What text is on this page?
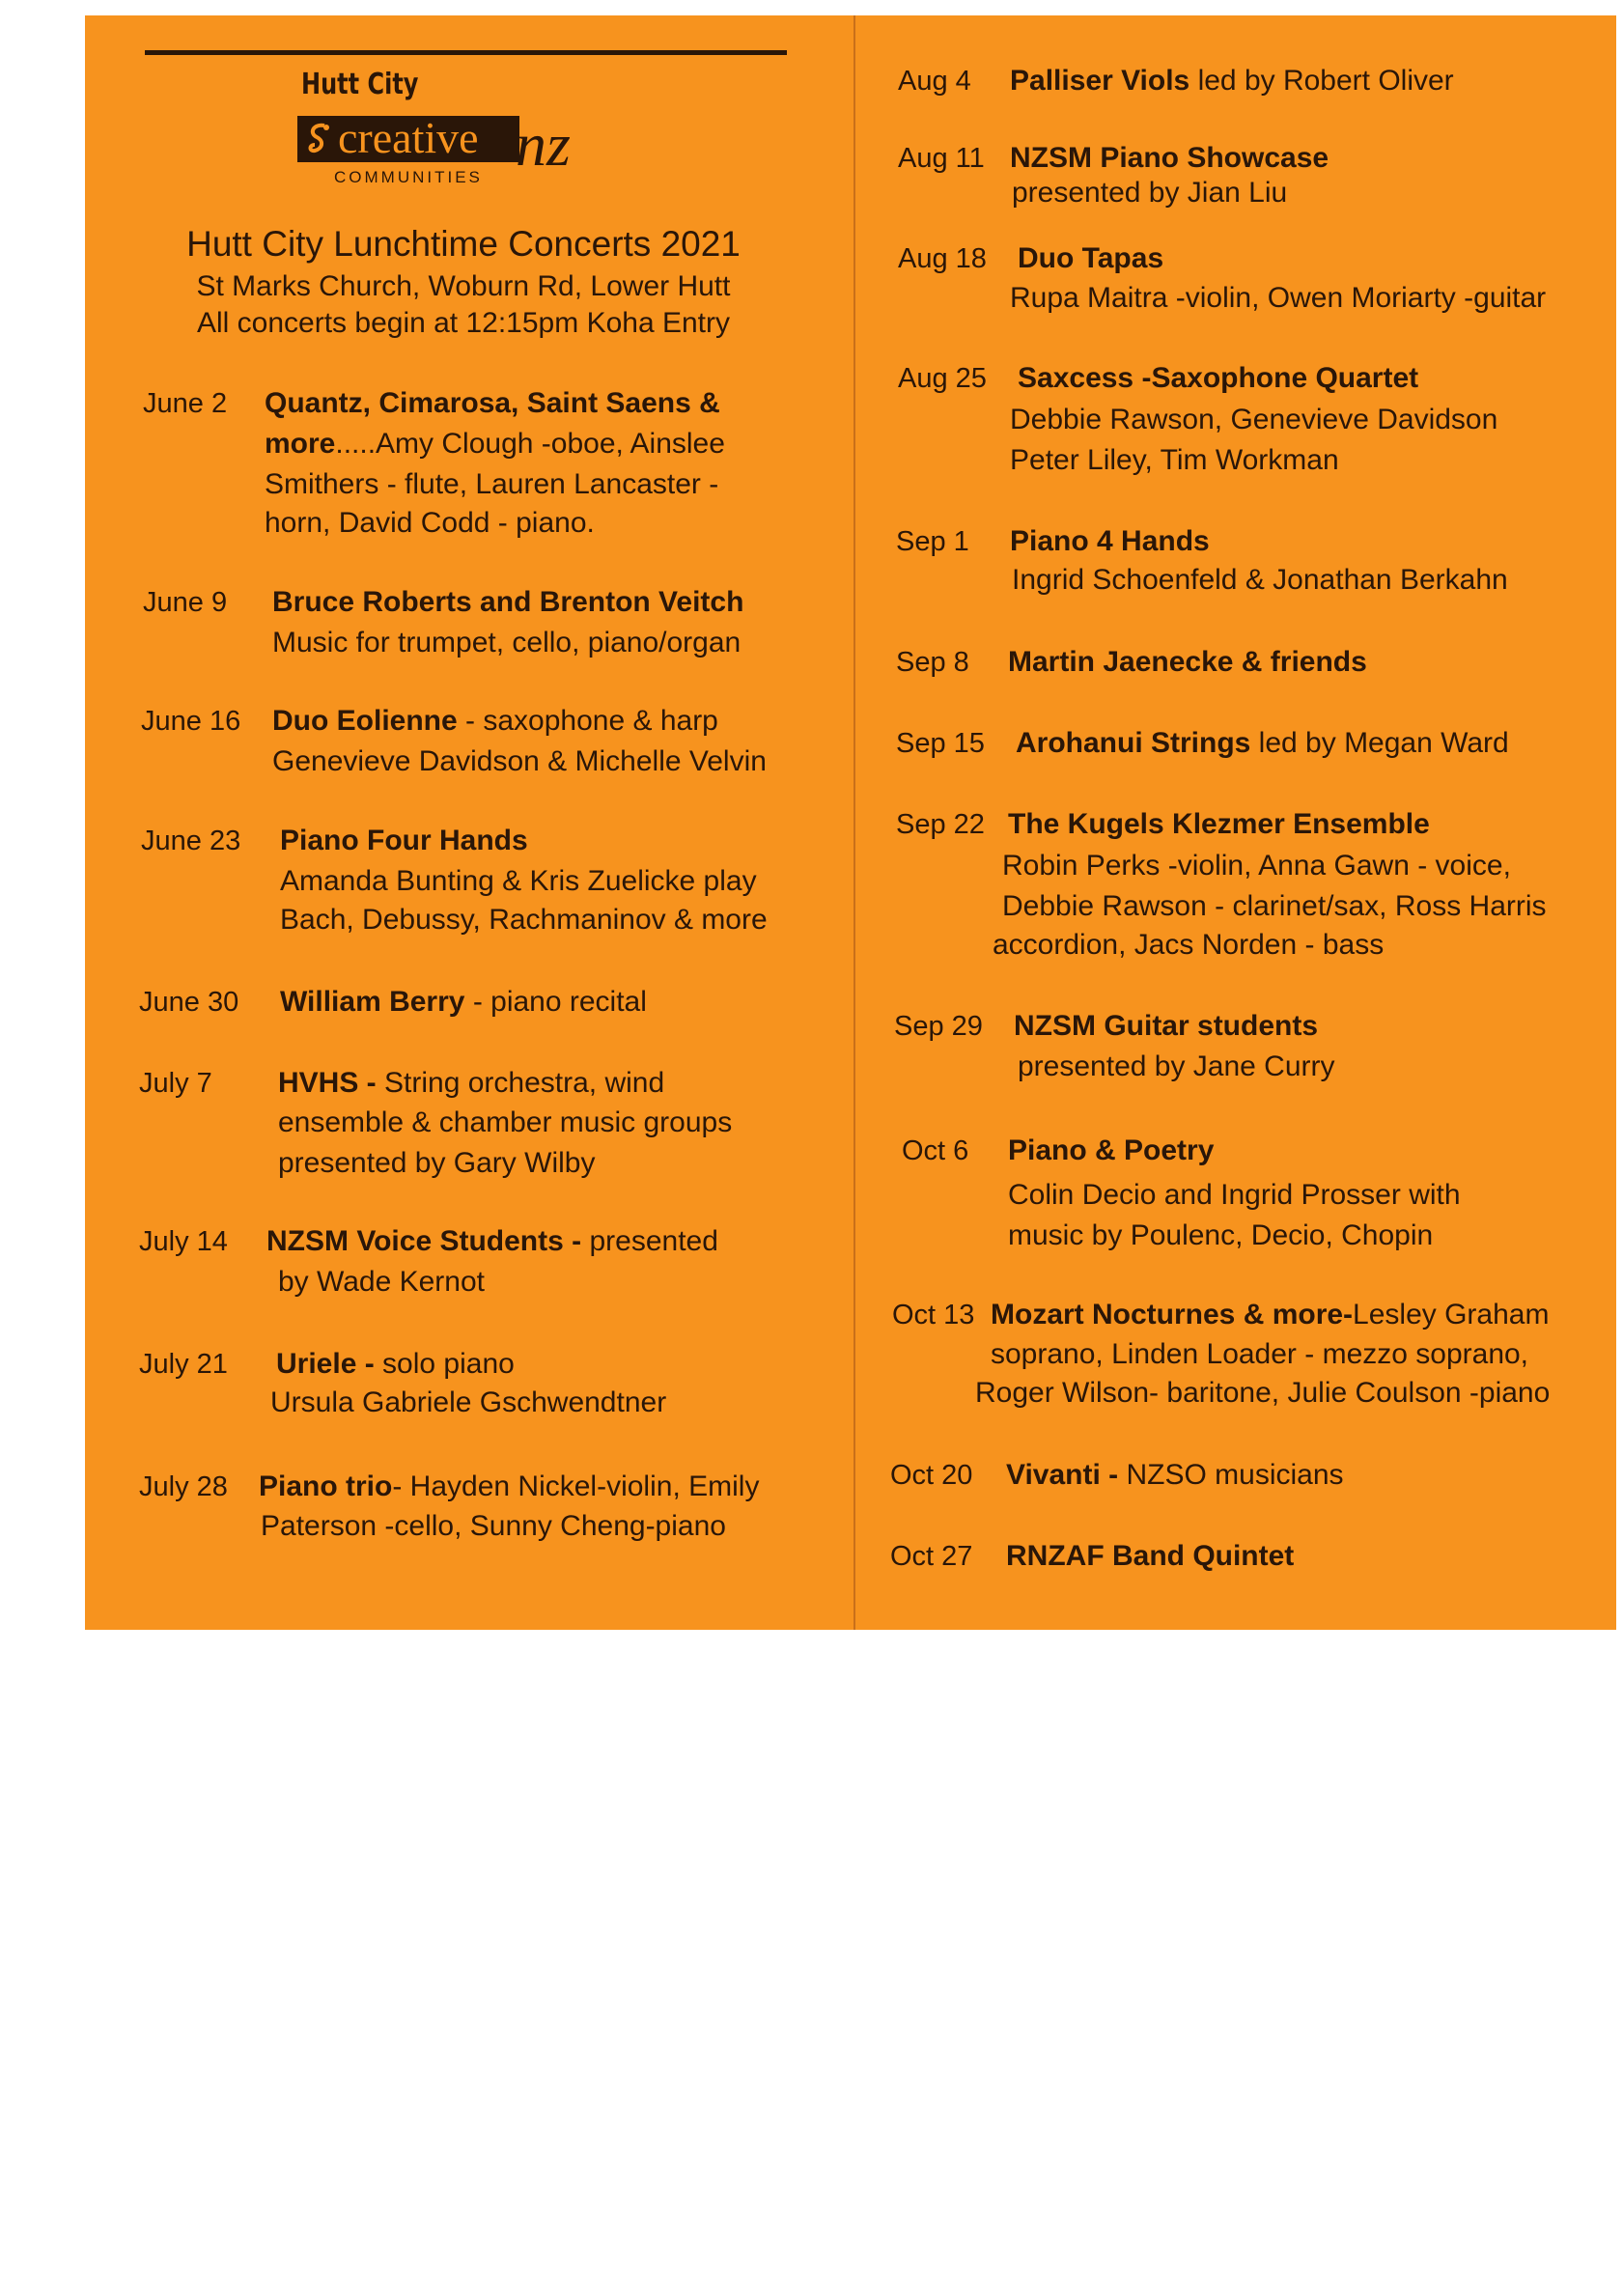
Hutt City
creative nz
COMMUNITIES
Hutt City Lunchtime Concerts 2021
St Marks Church, Woburn Rd, Lower Hutt
All concerts begin at 12:15pm Koha Entry
June 2 Quantz, Cimarosa, Saint Saens &
more.....Amy Clough -oboe, Ainslee
Smithers - flute, Lauren Lancaster -
horn, David Codd - piano.
June 9 Bruce Roberts and Brenton Veitch
Music for trumpet, cello, piano/organ
June 16 Duo Eolienne - saxophone & harp
Genevieve Davidson & Michelle Velvin
June 23 Piano Four Hands
Amanda Bunting & Kris Zuelicke play
Bach, Debussy, Rachmaninov & more
June 30 William Berry - piano recital
July 7 HVHS - String orchestra, wind
ensemble & chamber music groups
presented by Gary Wilby
July 14 NZSM Voice Students - presented
by Wade Kernot
July 21 Uriele - solo piano
Ursula Gabriele Gschwendtner
July 28 Piano trio- Hayden Nickel-violin, Emily
Paterson -cello, Sunny Cheng-piano
Aug 4 Palliser Viols led by Robert Oliver
Aug 11 NZSM Piano Showcase
presented by Jian Liu
Aug 18 Duo Tapas
Rupa Maitra -violin, Owen Moriarty -guitar
Aug 25 Saxcess -Saxophone Quartet
Debbie Rawson, Genevieve Davidson
Peter Liley, Tim Workman
Sep 1 Piano 4 Hands
Ingrid Schoenfeld & Jonathan Berkahn
Sep 8 Martin Jaenecke & friends
Sep 15 Arohanui Strings led by Megan Ward
Sep 22 The Kugels Klezmer Ensemble
Robin Perks -violin, Anna Gawn - voice,
Debbie Rawson - clarinet/sax, Ross Harris
accordion, Jacs Norden - bass
Sep 29 NZSM Guitar students
presented by Jane Curry
Oct 6 Piano & Poetry
Colin Decio and Ingrid Prosser with
music by Poulenc, Decio, Chopin
Oct 13 Mozart Nocturnes & more-Lesley Graham
soprano, Linden Loader - mezzo soprano,
Roger Wilson- baritone, Julie Coulson -piano
Oct 20 Vivanti - NZSO musicians
Oct 27 RNZAF Band Quintet
